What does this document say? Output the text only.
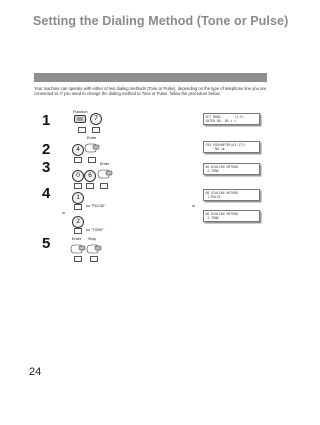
Setting the Dialing Method (Tone or Pulse)
Your machine can operate with either of two dialing methods (Tone or Pulse), depending on the type of telephone line you are connected to. If you need to change the dialing method to Tone or Pulse, follow the procedure below.
1	Function
7	SET MODE       (1-9)
ENTER NO. OR ∨ ∧
2	4
Enter
FAX PARAMETER(01-177)
NO.=▮
3	0	6
Enter
06 DIALING METHOD
2:TONE
4	1
for "PULSE".
or
2
for "TONE".
06 DIALING METHOD
1:PULSE
or
06 DIALING METHOD
2:TONE
5	Enter Stop
24
